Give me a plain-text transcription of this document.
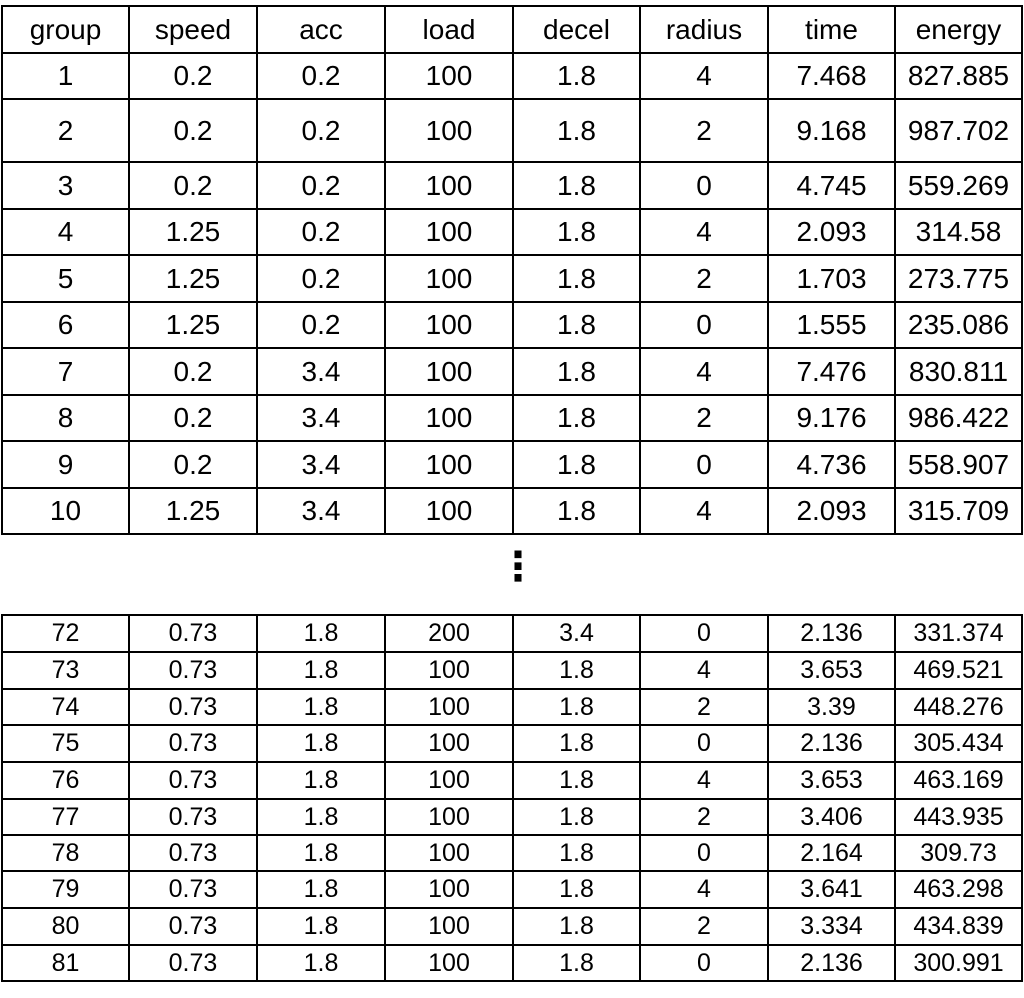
group	speed	acc	load	decel	radius	time	energy
1	0.2	0.2	100	1.8	4	7.468	827.885
2	0.2	0.2	100	1.8	2	9.168	987.702
3	0.2	0.2	100	1.8	0	4.745	559.269
4	1.25	0.2	100	1.8	4	2.093	314.58
5	1.25	0.2	100	1.8	2	1.703	273.775
6	1.25	0.2	100	1.8	0	1.555	235.086
7	0.2	3.4	100	1.8	4	7.476	830.811
8	0.2	3.4	100	1.8	2	9.176	986.422
9	0.2	3.4	100	1.8	0	4.736	558.907
10	1.25	3.4	100	1.8	4	2.093	315.709
⋮
72	0.73	1.8	200	3.4	0	2.136	331.374
73	0.73	1.8	100	1.8	4	3.653	469.521
74	0.73	1.8	100	1.8	2	3.39	448.276
75	0.73	1.8	100	1.8	0	2.136	305.434
76	0.73	1.8	100	1.8	4	3.653	463.169
77	0.73	1.8	100	1.8	2	3.406	443.935
78	0.73	1.8	100	1.8	0	2.164	309.73
79	0.73	1.8	100	1.8	4	3.641	463.298
80	0.73	1.8	100	1.8	2	3.334	434.839
81	0.73	1.8	100	1.8	0	2.136	300.991
